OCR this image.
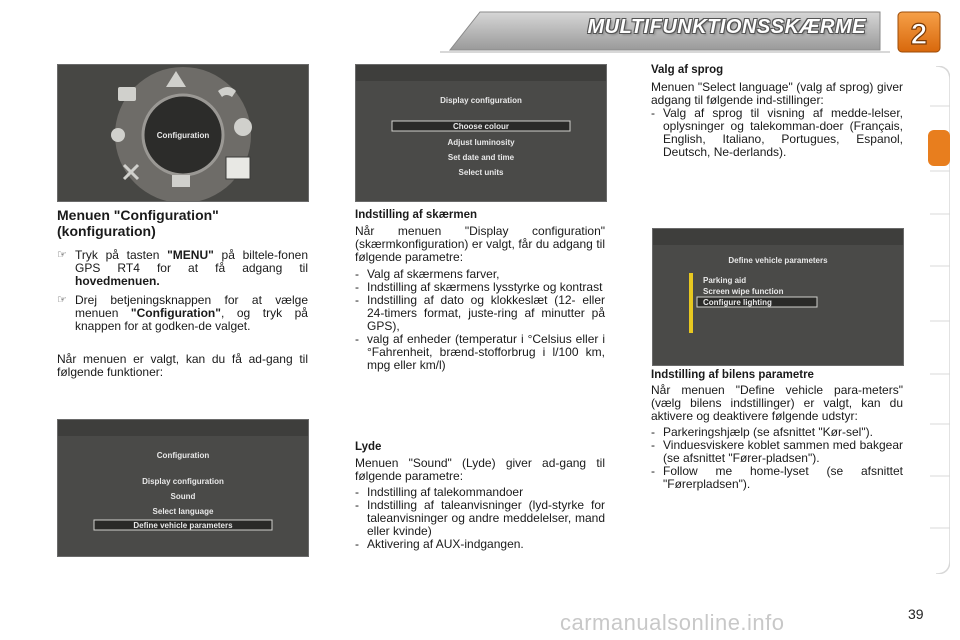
MULTIFUNKTIONSSKÆRME 2
Configuration
Display configuration
Choose colour
Adjust luminosity
Set date and time
Select units
Configuration
Display configuration
Sound
Select language
Define vehicle parameters
Define vehicle parameters
Parking aid
Screen wipe function
Configure lighting

Menuen "Configuration" (konfiguration)

☞ Tryk på tasten "MENU" på biltele-fonen GPS RT4 for at få adgang til hovedmenuen.
☞ Drej betjeningsknappen for at vælge menuen "Configuration", og tryk på knappen for at godken-de valget.

Når menuen er valgt, kan du få ad-gang til følgende funktioner:

Indstilling af skærmen

Når menuen "Display configuration" (skærmkonfiguration) er valgt, får du adgang til følgende parametre:

- Valg af skærmens farver,
- Indstilling af skærmens lysstyrke og kontrast
- Indstilling af dato og klokkeslæt (12- eller 24-timers format, juste-ring af minutter på GPS),
- valg af enheder (temperatur i °Celsius eller i °Fahrenheit, brænd-stofforbrug i l/100 km, mpg eller km/l)

Lyde

Menuen "Sound" (Lyde) giver ad-gang til følgende parametre:

- Indstilling af talekommandoer
- Indstilling af taleanvisninger (lyd-styrke for taleanvisninger og andre meddelelser, mand eller kvinde)
- Aktivering af AUX-indgangen.

Valg af sprog

Menuen "Select language" (valg af sprog) giver adgang til følgende ind-stillinger:

- Valg af sprog til visning af medde-lelser, oplysninger og talekomman-doer (Français, English, Italiano, Portugues, Espanol, Deutsch, Ne-derlands).

Indstilling af bilens parametre

Når menuen "Define vehicle para-meters" (vælg bilens indstillinger) er valgt, kan du aktivere og deaktivere følgende udstyr:

- Parkeringshjælp (se afsnittet "Kør-sel").
- Vinduesviskere koblet sammen med bakgear (se afsnittet "Fører-pladsen").
- Follow me home-lyset (se afsnittet "Førerpladsen").
carmanualsonline.info	39
